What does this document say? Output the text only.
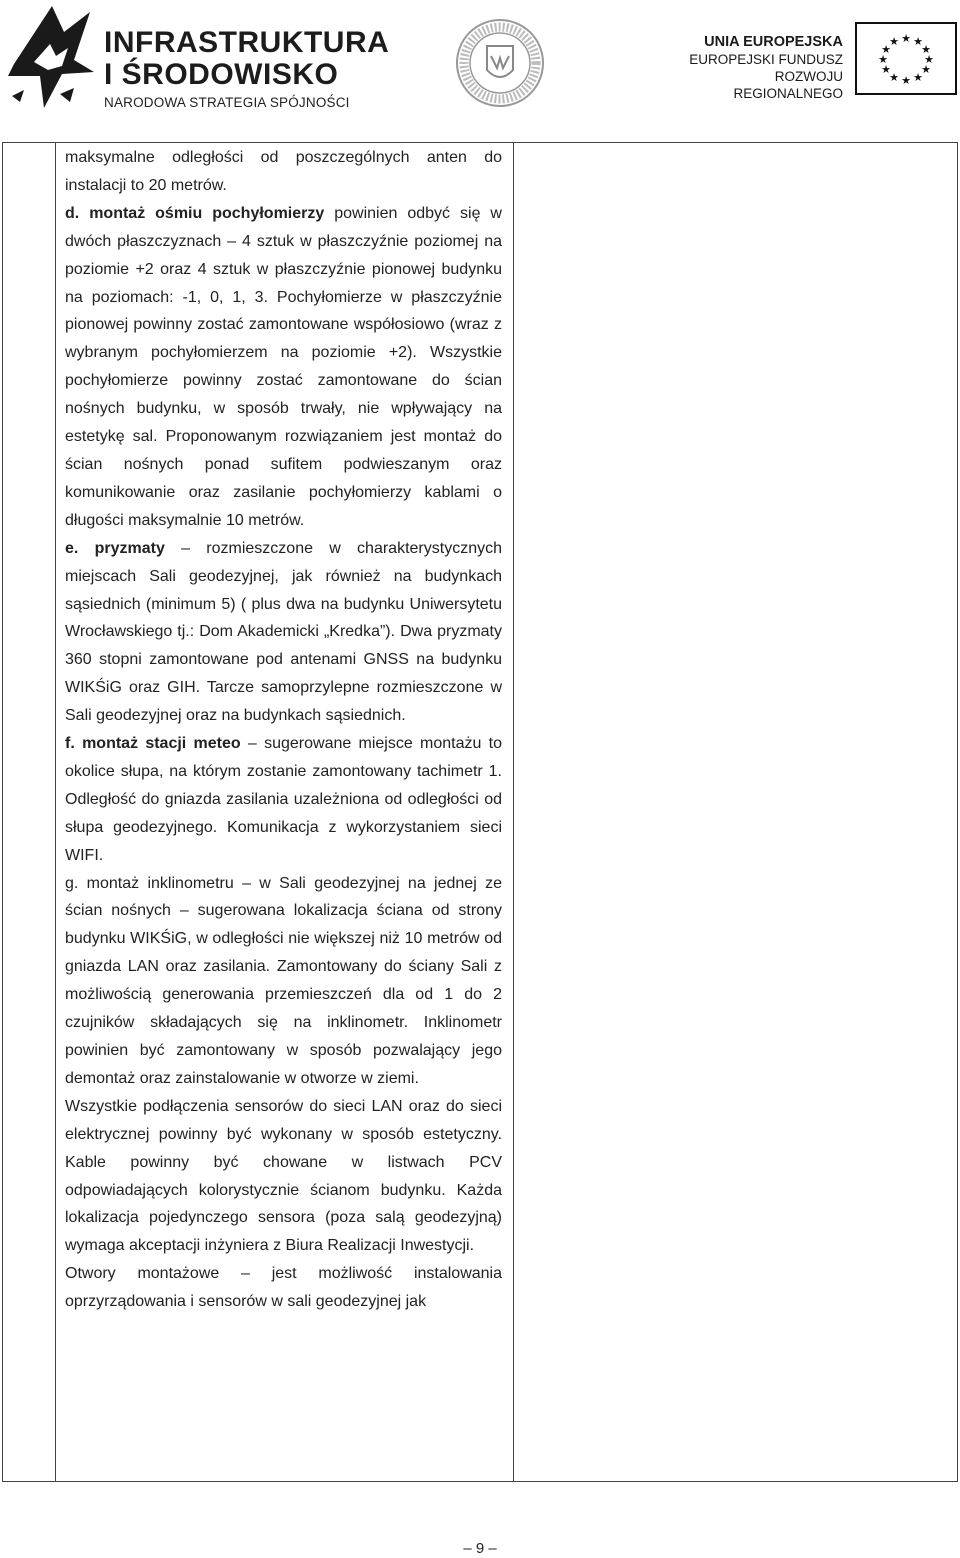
INFRASTRUKTURA
I ŚRODOWISKO
NARODOWA STRATEGIA SPÓJNOŚCI
UNIA EUROPEJSKA
EUROPEJSKI FUNDUSZ
ROZWOJU REGIONALNEGO
★ ★
★
★
★
★
★
★
★
★
★
★

maksymalne odległości od poszczególnych anten do instalacji to 20 metrów.

d. montaż ośmiu pochyłomierzy powinien odbyć się w dwóch płaszczyznach – 4 sztuk w płaszczyźnie poziomej na poziomie +2 oraz 4 sztuk w płaszczyźnie pionowej budynku na poziomach: -1, 0, 1, 3. Pochyłomierze w płaszczyźnie pionowej powinny zostać zamontowane współosiowo (wraz z wybranym pochyłomierzem na poziomie +2). Wszystkie pochyłomierze powinny zostać zamontowane do ścian nośnych budynku, w sposób trwały, nie wpływający na estetykę sal. Proponowanym rozwiązaniem jest montaż do ścian nośnych ponad sufitem podwieszanym oraz komunikowanie oraz zasilanie pochyłomierzy kablami o długości maksymalnie 10 metrów.

e. pryzmaty – rozmieszczone w charakterystycznych miejscach Sali geodezyjnej, jak również na budynkach sąsiednich (minimum 5) ( plus dwa na budynku Uniwersytetu Wrocławskiego tj.: Dom Akademicki „Kredka”). Dwa pryzmaty 360 stopni zamontowane pod antenami GNSS na budynku WIKŚiG oraz GIH. Tarcze samoprzylepne rozmieszczone w Sali geodezyjnej oraz na budynkach sąsiednich.

f. montaż stacji meteo – sugerowane miejsce montażu to okolice słupa, na którym zostanie zamontowany tachimetr 1. Odległość do gniazda zasilania uzależniona od odległości od słupa geodezyjnego. Komunikacja z wykorzystaniem sieci WIFI.

g. montaż inklinometru – w Sali geodezyjnej na jednej ze ścian nośnych – sugerowana lokalizacja ściana od strony budynku WIKŚiG, w odległości nie większej niż 10 metrów od gniazda LAN oraz zasilania. Zamontowany do ściany Sali z możliwością generowania przemieszczeń dla od 1 do 2 czujników składających się na inklinometr. Inklinometr powinien być zamontowany w sposób pozwalający jego demontaż oraz zainstalowanie w otworze w ziemi.

Wszystkie podłączenia sensorów do sieci LAN oraz do sieci elektrycznej powinny być wykonany w sposób estetyczny. Kable powinny być chowane w listwach PCV odpowiadających kolorystycznie ścianom budynku. Każda lokalizacja pojedynczego sensora (poza salą geodezyjną) wymaga akceptacji inżyniera z Biura Realizacji Inwestycji.

Otwory montażowe – jest możliwość instalowania oprzyrządowania i sensorów w sali geodezyjnej jak

– 9 –
